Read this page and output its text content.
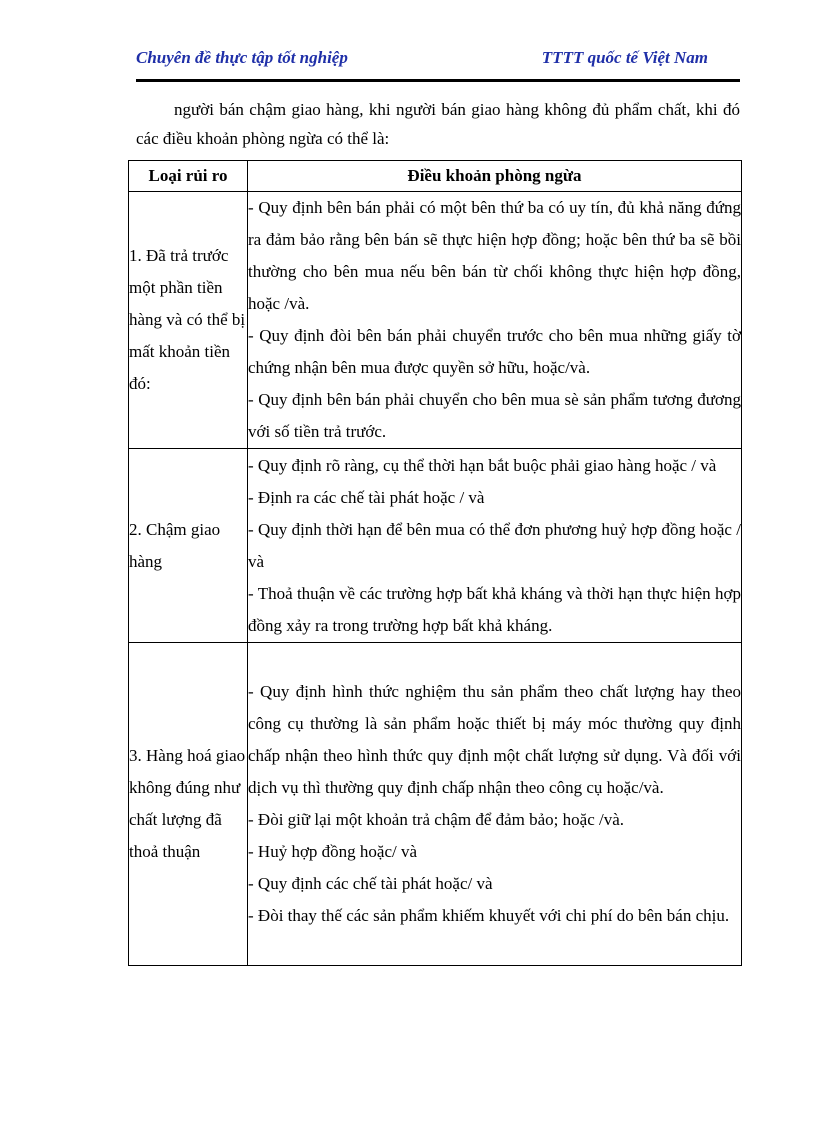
Chuyên đề thực tập tốt nghiệp	TTTT quốc tế Việt Nam

người bán chậm giao hàng, khi người bán giao hàng không đủ phẩm chất, khi đó các điều khoản phòng ngừa có thể là:

Loại rủi ro	Điều khoản phòng ngừa
1. Đã trả trước một phần tiền hàng và có thể bị mất khoản tiền đó:	- Quy định bên bán phải có một bên thứ ba có uy tín, đủ khả năng đứng ra đảm bảo rằng bên bán sẽ thực hiện hợp đồng; hoặc bên thứ ba sẽ bồi thường cho bên mua nếu bên bán từ chối không thực hiện hợp đồng, hoặc /và.

- Quy định đòi bên bán phải chuyển trước cho bên mua những giấy tờ chứng nhận bên mua được quyền sở hữu, hoặc/và.

- Quy định bên bán phải chuyển cho bên mua sè sản phẩm tương đương với số tiền trả trước.

2. Chậm giao hàng	- Quy định rõ ràng, cụ thể thời hạn bắt buộc phải giao hàng hoặc / và

- Định ra các chế tài phát hoặc / và

- Quy định thời hạn để bên mua có thể đơn phương huỷ hợp đồng hoặc / và

- Thoả thuận về các trường hợp bất khả kháng và thời hạn thực hiện hợp đồng xảy ra trong trường hợp bất khả kháng.

3. Hàng hoá giao không đúng như chất lượng đã thoả thuận	- Quy định hình thức nghiệm thu sản phẩm theo chất lượng hay theo công cụ thường là sản phẩm hoặc thiết bị máy móc thường quy định chấp nhận theo hình thức quy định một chất lượng sử dụng. Và đối với dịch vụ thì thường quy định chấp nhận theo công cụ hoặc/và.

- Đòi giữ lại một khoản trả chậm để đảm bảo; hoặc /và.

- Huỷ hợp đồng hoặc/ và

- Quy định các chế tài phát hoặc/ và

- Đòi thay thế các sản phẩm khiếm khuyết với chi phí do bên bán chịu.
